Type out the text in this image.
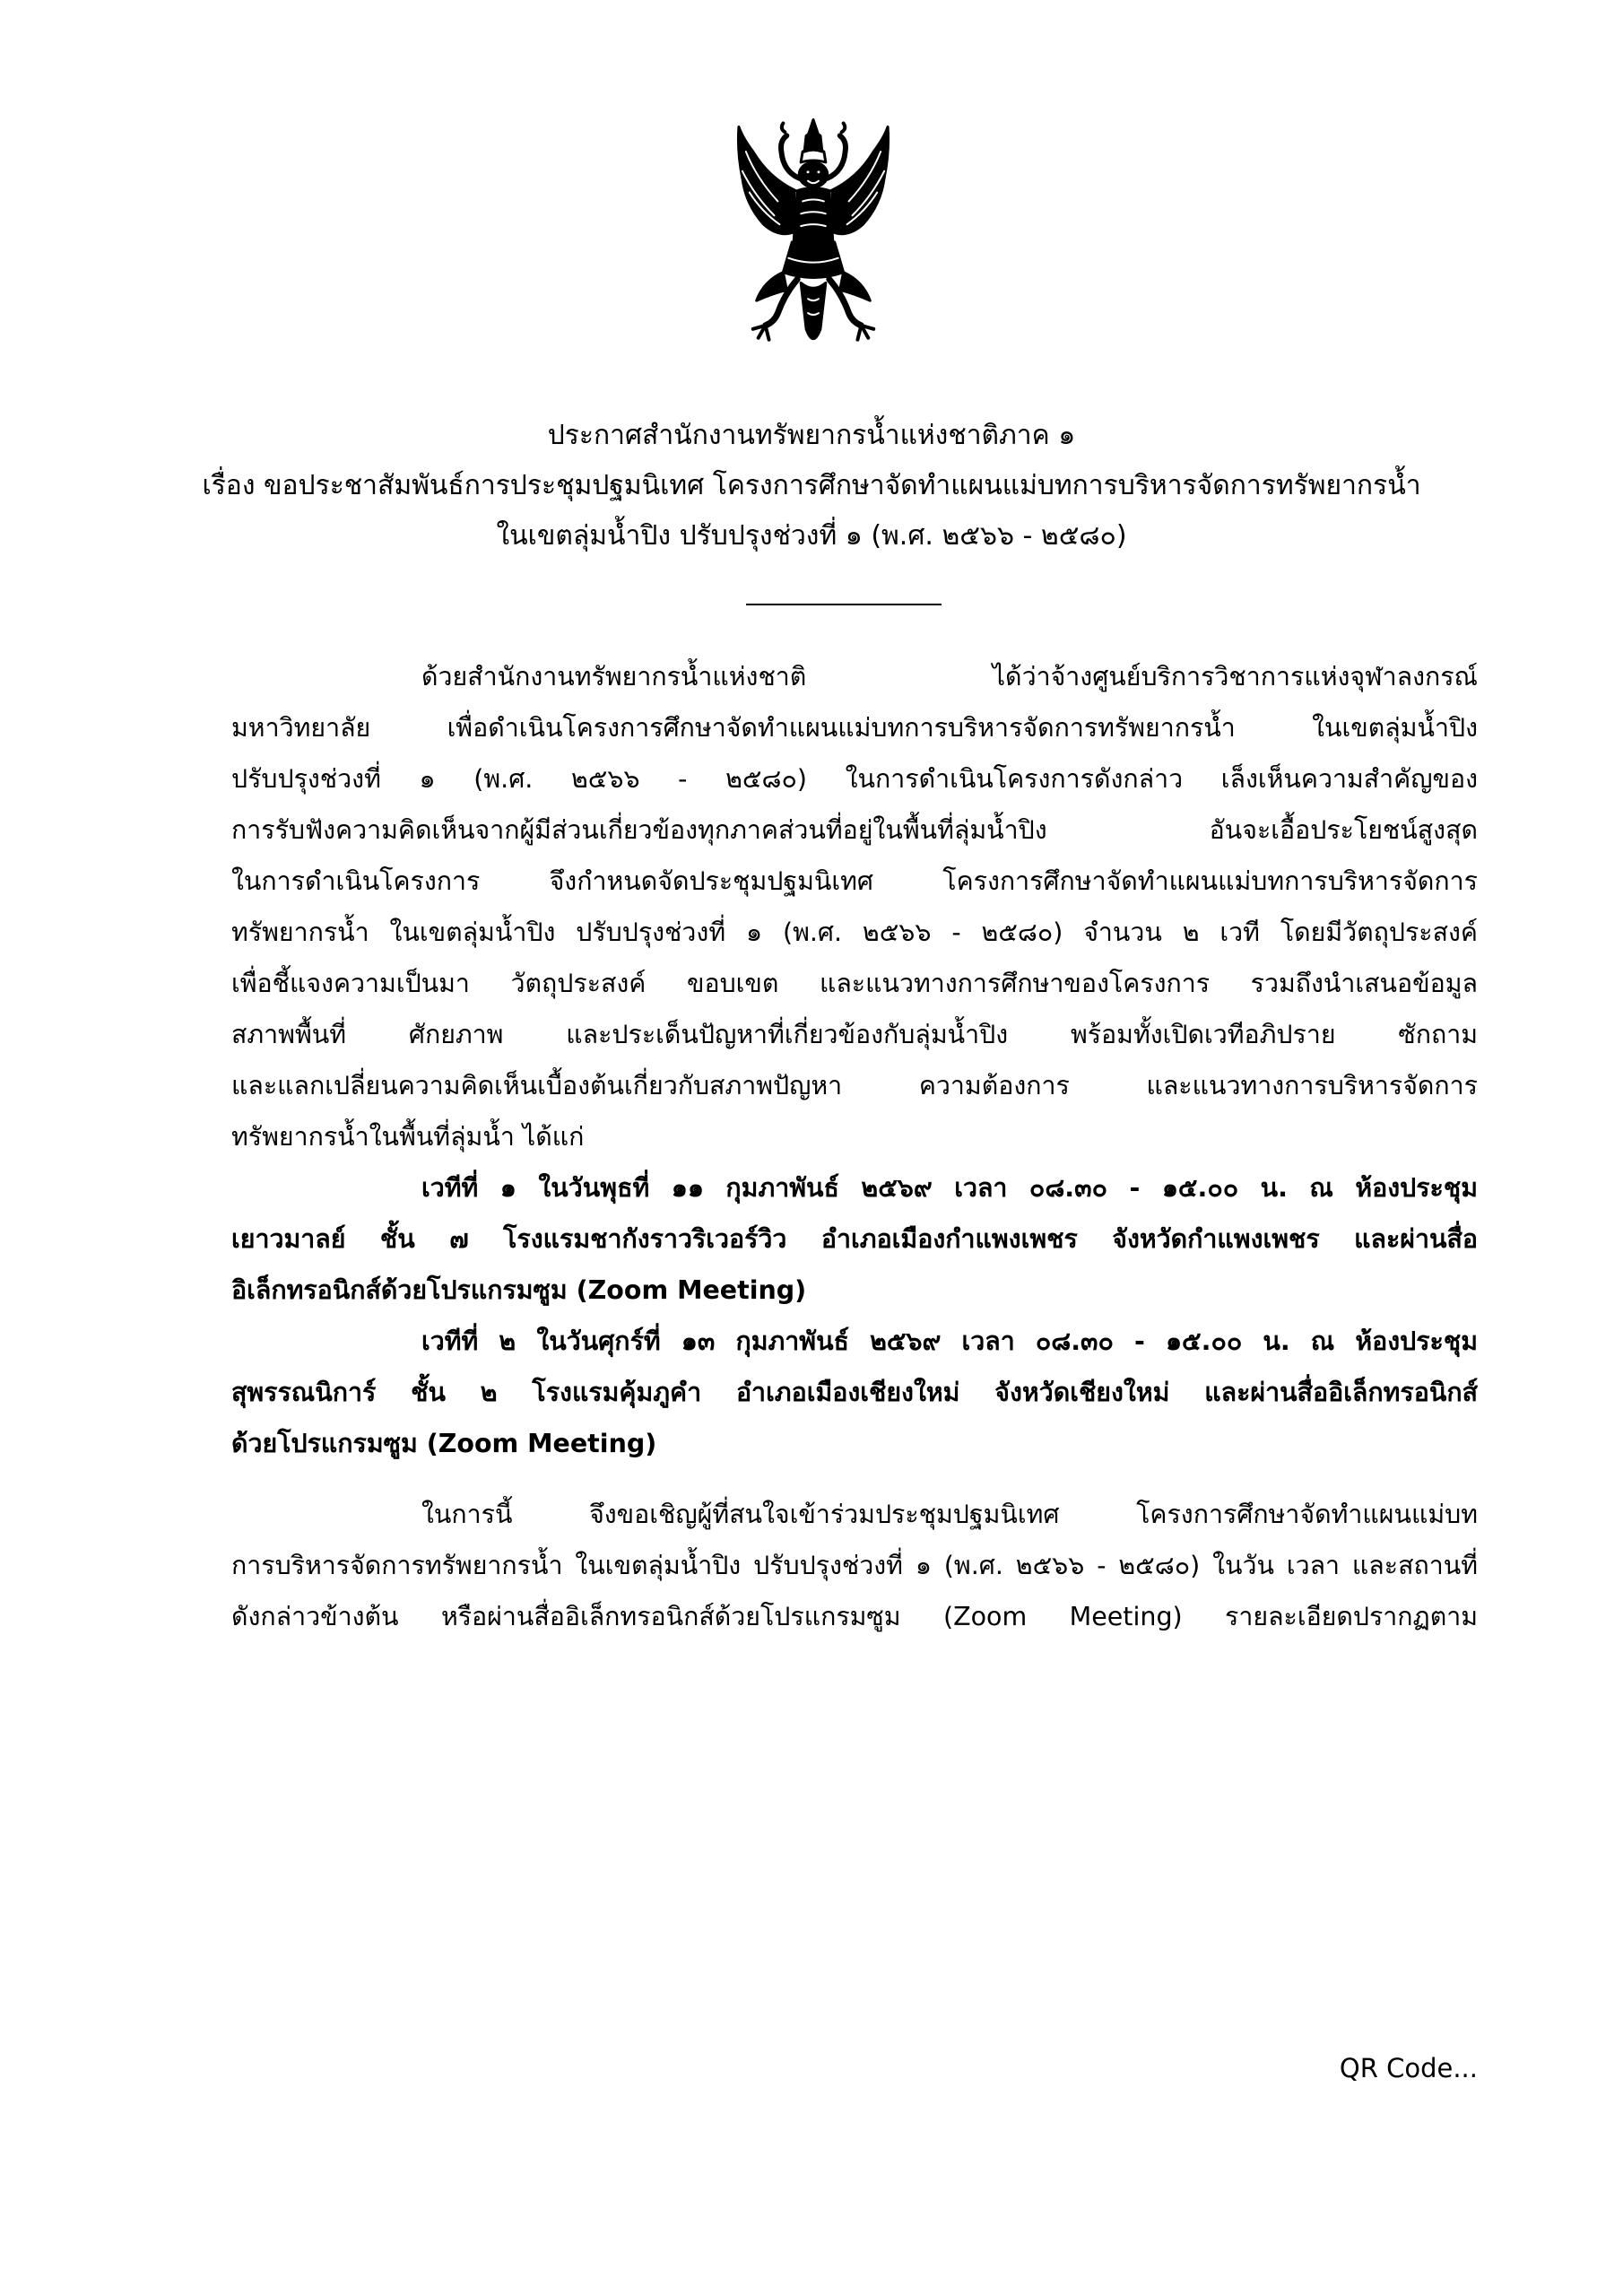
ประกาศสำนักงานทรัพยากรน้ำแห่งชาติภาค ๑
เรื่อง ขอประชาสัมพันธ์การประชุมปฐมนิเทศ โครงการศึกษาจัดทำแผนแม่บทการบริหารจัดการทรัพยากรน้ำ
ในเขตลุ่มน้ำปิง ปรับปรุงช่วงที่ ๑ (พ.ศ. ๒๕๖๖ - ๒๕๘๐)
ด้วยสำนักงานทรัพยากรน้ำแห่งชาติ ได้ว่าจ้างศูนย์บริการวิชาการแห่งจุฬาลงกรณ์
มหาวิทยาลัย เพื่อดำเนินโครงการศึกษาจัดทำแผนแม่บทการบริหารจัดการทรัพยากรน้ำ ในเขตลุ่มน้ำปิง
ปรับปรุงช่วงที่ ๑ (พ.ศ. ๒๕๖๖ - ๒๕๘๐) ในการดำเนินโครงการดังกล่าว เล็งเห็นความสำคัญของ
การรับฟังความคิดเห็นจากผู้มีส่วนเกี่ยวข้องทุกภาคส่วนที่อยู่ในพื้นที่ลุ่มน้ำปิง อันจะเอื้อประโยชน์สูงสุด
ในการดำเนินโครงการ จึงกำหนดจัดประชุมปฐมนิเทศ โครงการศึกษาจัดทำแผนแม่บทการบริหารจัดการ
ทรัพยากรน้ำ ในเขตลุ่มน้ำปิง ปรับปรุงช่วงที่ ๑ (พ.ศ. ๒๕๖๖ - ๒๕๘๐) จำนวน ๒ เวที โดยมีวัตถุประสงค์
เพื่อชี้แจงความเป็นมา วัตถุประสงค์ ขอบเขต และแนวทางการศึกษาของโครงการ รวมถึงนำเสนอข้อมูล
สภาพพื้นที่ ศักยภาพ และประเด็นปัญหาที่เกี่ยวข้องกับลุ่มน้ำปิง พร้อมทั้งเปิดเวทีอภิปราย ซักถาม
และแลกเปลี่ยนความคิดเห็นเบื้องต้นเกี่ยวกับสภาพปัญหา ความต้องการ และแนวทางการบริหารจัดการ
ทรัพยากรน้ำในพื้นที่ลุ่มน้ำ ได้แก่
เวทีที่ ๑ ในวันพุธที่ ๑๑ กุมภาพันธ์ ๒๕๖๙ เวลา ๐๘.๓๐ - ๑๕.๐๐ น. ณ ห้องประชุม
เยาวมาลย์ ชั้น ๗ โรงแรมชากังราวริเวอร์วิว อำเภอเมืองกำแพงเพชร จังหวัดกำแพงเพชร และผ่านสื่อ
อิเล็กทรอนิกส์ด้วยโปรแกรมซูม (Zoom Meeting)
เวทีที่ ๒ ในวันศุกร์ที่ ๑๓ กุมภาพันธ์ ๒๕๖๙ เวลา ๐๘.๓๐ - ๑๕.๐๐ น. ณ ห้องประชุม
สุพรรณนิการ์ ชั้น ๒ โรงแรมคุ้มภูคำ อำเภอเมืองเชียงใหม่ จังหวัดเชียงใหม่ และผ่านสื่ออิเล็กทรอนิกส์
ด้วยโปรแกรมซูม (Zoom Meeting)
ในการนี้ จึงขอเชิญผู้ที่สนใจเข้าร่วมประชุมปฐมนิเทศ โครงการศึกษาจัดทำแผนแม่บท
การบริหารจัดการทรัพยากรน้ำ ในเขตลุ่มน้ำปิง ปรับปรุงช่วงที่ ๑ (พ.ศ. ๒๕๖๖ - ๒๕๘๐) ในวัน เวลา และสถานที่
ดังกล่าวข้างต้น หรือผ่านสื่ออิเล็กทรอนิกส์ด้วยโปรแกรมซูม (Zoom Meeting) รายละเอียดปรากฏตาม
QR Code...
